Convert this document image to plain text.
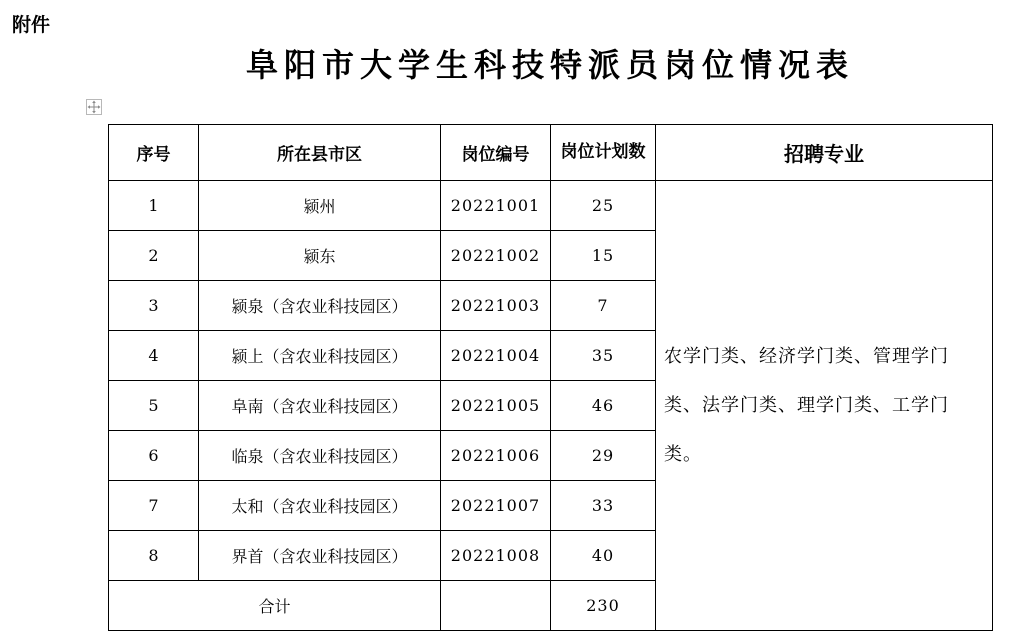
附件
阜阳市大学生科技特派员岗位情况表
序号	所在县市区	岗位编号	岗位计划数	招聘专业
1	颍州	20221001	25	农学门类、经济学门类、管理学门类、法学门类、理学门类、工学门类。
2	颍东	20221002	15	
3	颍泉（含农业科技园区）	20221003	7	
4	颍上（含农业科技园区）	20221004	35	
5	阜南（含农业科技园区）	20221005	46	
6	临泉（含农业科技园区）	20221006	29	
7	太和（含农业科技园区）	20221007	33	
8	界首（含农业科技园区）	20221008	40	
合计			230	
